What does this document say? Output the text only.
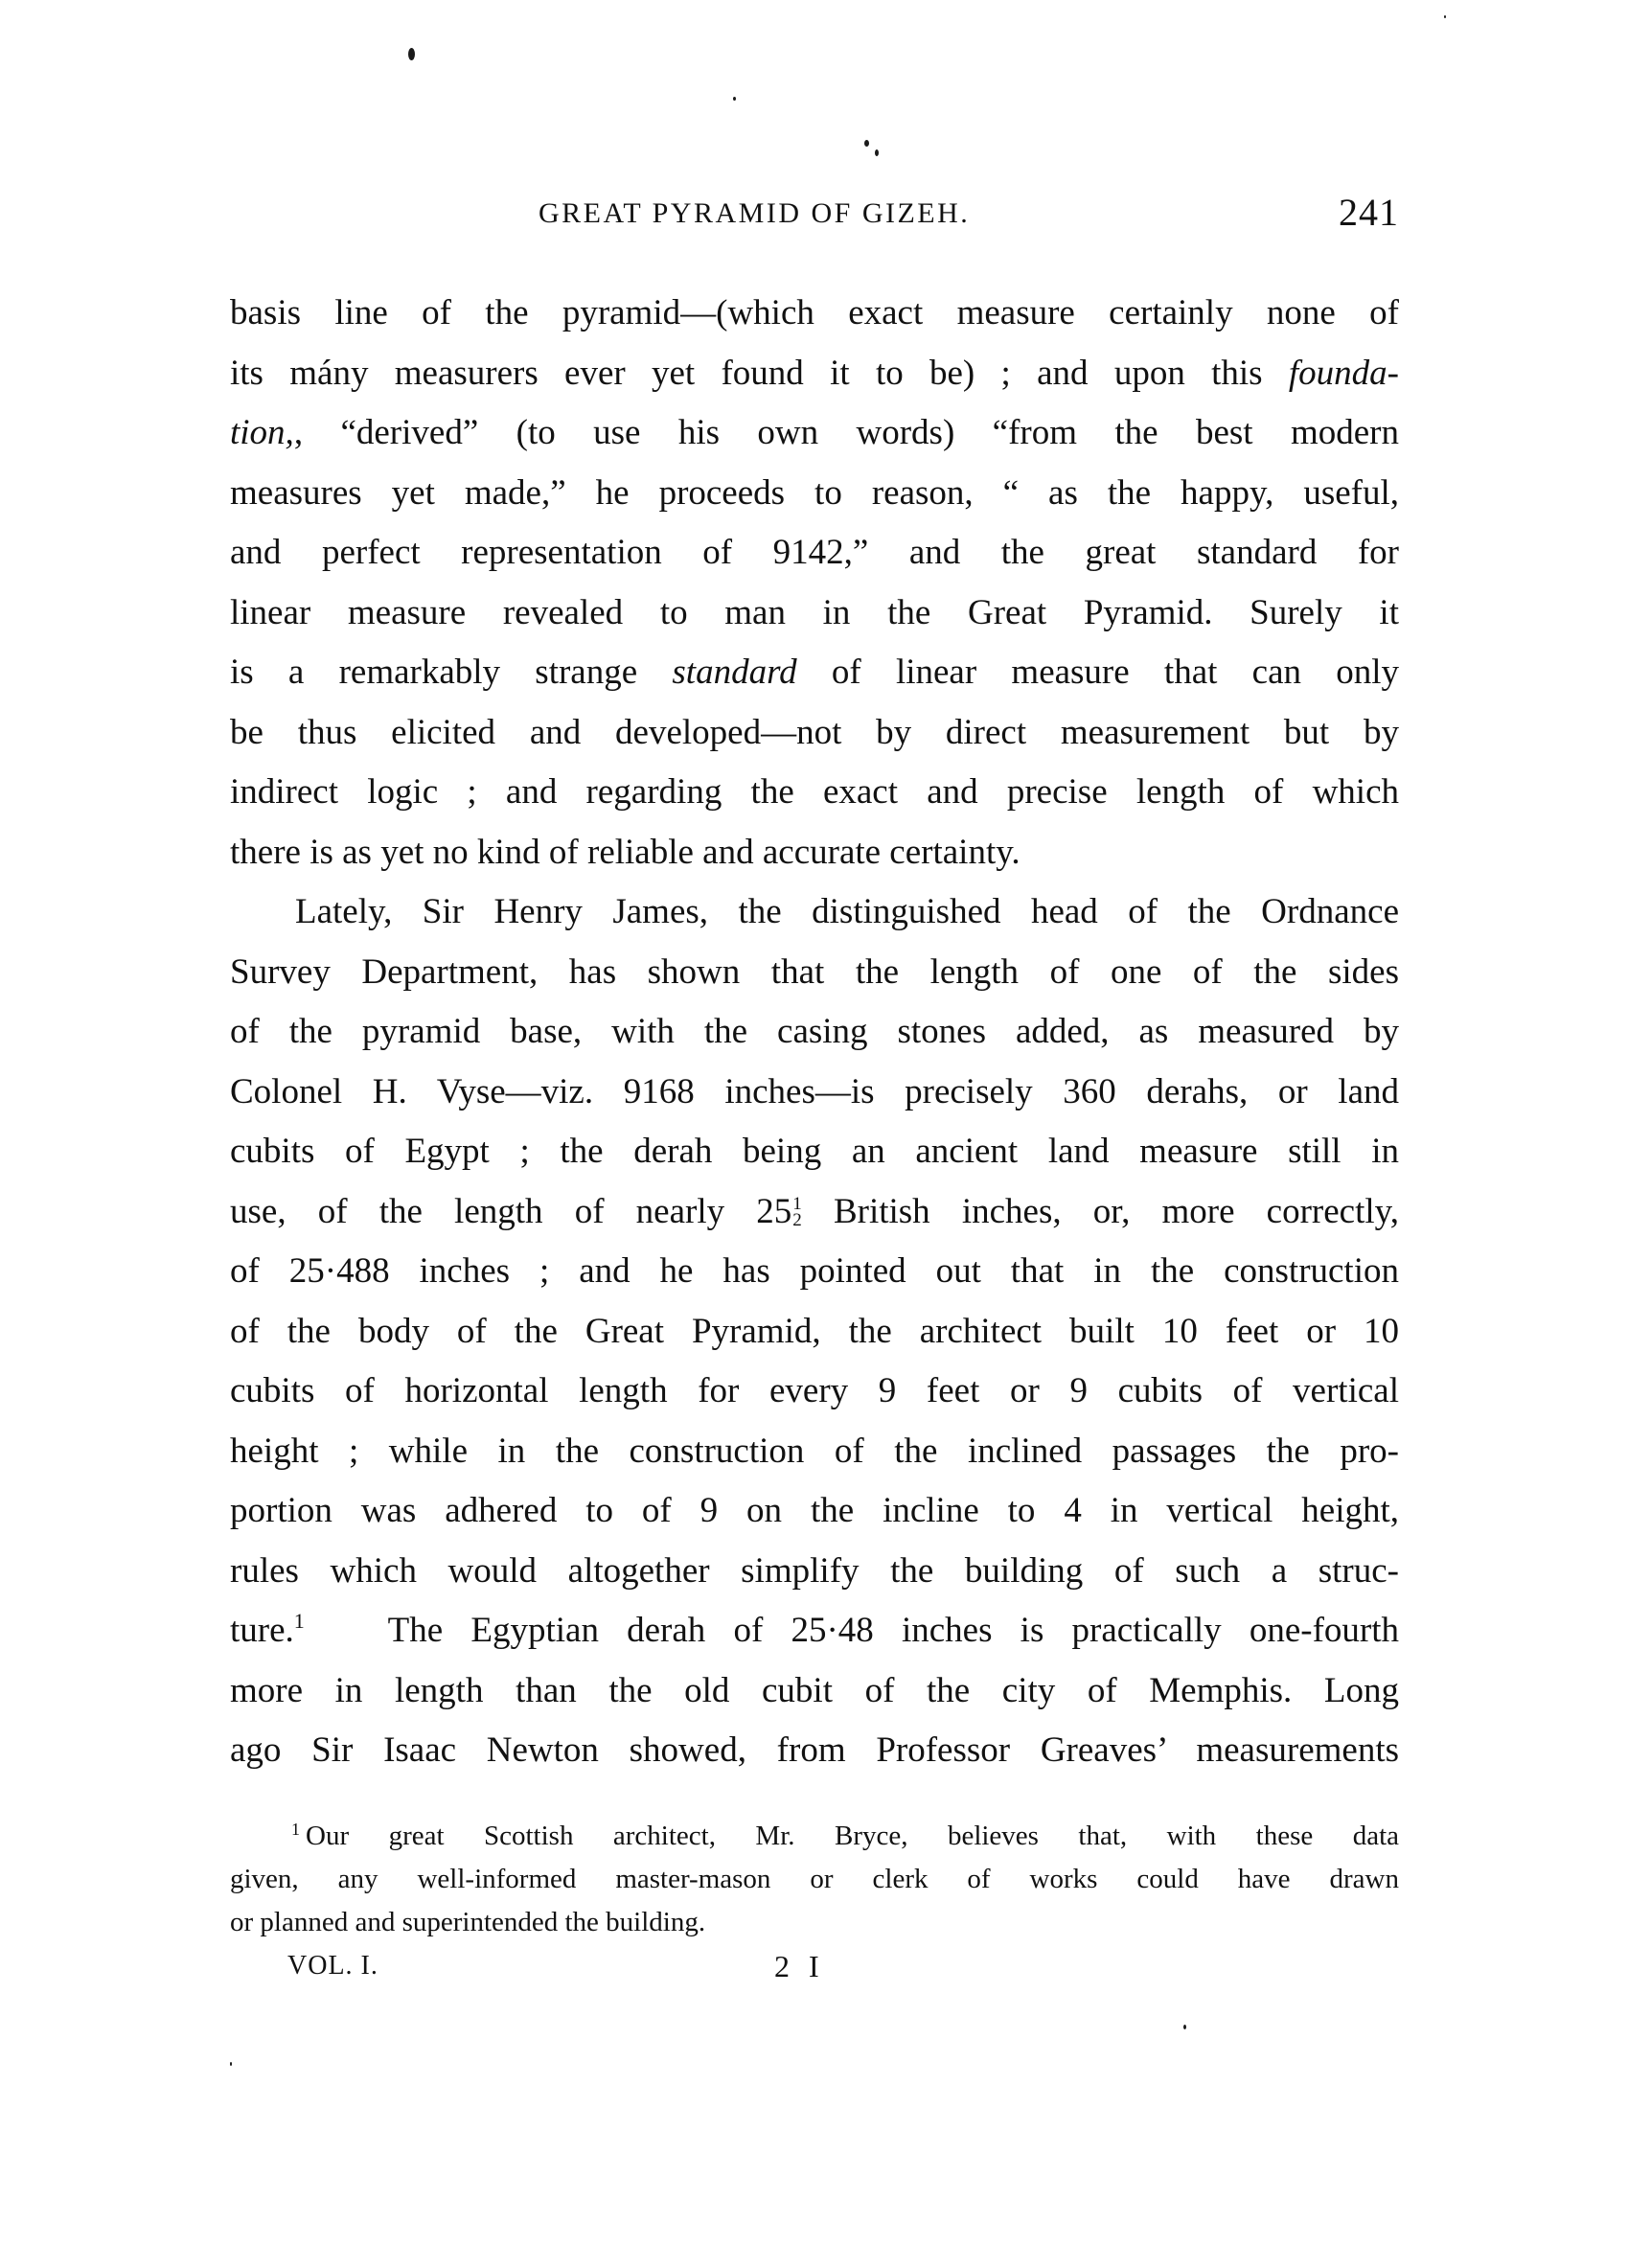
GREAT PYRAMID OF GIZEH.	241
basis line of the pyramid—(which exact measure certainly none of
its mány measurers ever yet found it to be) ; and upon this founda-
tion,, “derived” (to use his own words) “from the best modern
measures yet made,” he proceeds to reason, “ as the happy, useful,
and perfect representation of 9142,” and the great standard for
linear measure revealed to man in the Great Pyramid. Surely it
is a remarkably strange standard of linear measure that can only
be thus elicited and developed—not by direct measurement but by
indirect logic ; and regarding the exact and precise length of which
there is as yet no kind of reliable and accurate certainty.
Lately, Sir Henry James, the distinguished head of the Ordnance
Survey Department, has shown that the length of one of the sides
of the pyramid base, with the casing stones added, as measured by
Colonel H. Vyse—viz. 9168 inches—is precisely 360 derahs, or land
cubits of Egypt ; the derah being an ancient land measure still in
use, of the length of nearly 25 1
2 British inches, or, more correctly,
of 25·488 inches ; and he has pointed out that in the construction
of the body of the Great Pyramid, the architect built 10 feet or 10
cubits of horizontal length for every 9 feet or 9 cubits of vertical
height ; while in the construction of the inclined passages the pro-
portion was adhered to of 9 on the incline to 4 in vertical height,
rules which would altogether simplify the building of such a struc-
ture.$^1$ The Egyptian derah of 25·48 inches is practically one-fourth
more in length than the old cubit of the city of Memphis. Long
ago Sir Isaac Newton showed, from Professor Greaves’ measurements
$^1$ Our great Scottish architect, Mr. Bryce, believes that, with these data
given, any well-informed master-mason or clerk of works could have drawn
or planned and superintended the building.
VOL. I.	2 I
